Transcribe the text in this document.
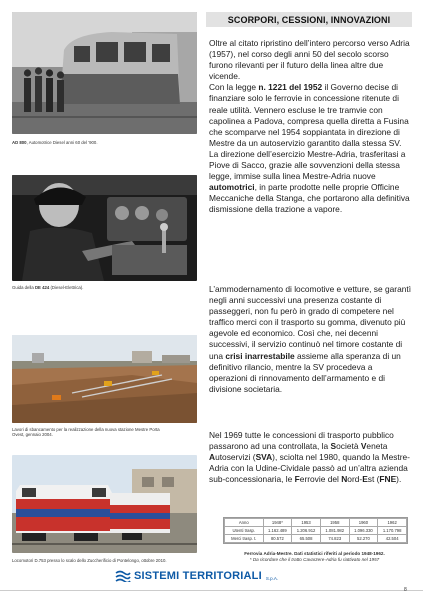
AD 800, Automotrice Diesel anni 60 del ’900.
Guida della DE 424 (Diesel-Elettrica).
Lavori di sbancamento per la realizzazione della nuova stazione Mestre Porta
Ovest, gennaio 2004.
Locomotori D.753 presso lo scalo dello Zuccherificio di Pontelongo, ottobre 2010.
SCORPORI, CESSIONI, INNOVAZIONI

Oltre al citato ripristino dell’intero percorso verso Adria (1957), nel corso degli anni 50 del secolo scorso furono rilevanti per il futuro della linea altre due vicende.

Con la legge n. 1221 del 1952 il Governo decise di finanziare solo le ferrovie in concessione ritenute di reale utilità. Vennero escluse le tre tramvie con capolinea a Padova, compresa quella diretta a Fusina che scomparve nel 1954 soppiantata in direzione di Mestre da un autoservizio garantito dalla stessa SV.

La direzione dell’esercizio Mestre-Adria, trasferitasi a Piove di Sacco, grazie alle sovvenzioni della stessa legge, immise sulla linea Mestre-Adria nuove automotrici, in parte prodotte nelle proprie Officine Meccaniche della Stanga, che portarono alla definitiva dismissione della trazione a vapore.

L’ammodernamento di locomotive e vetture, se garantì negli anni successivi una presenza costante di passeggeri, non fu però in grado di competere nel traffico merci con il trasporto su gomma, divenuto più agevole ed economico. Così che, nei decenni successivi, il servizio continuò nel timore costante di una crisi inarrestabile assieme alla speranza di un definitivo rilancio, mentre la SV procedeva a operazioni di rinnovamento dell’armamento e di divisione societaria.

Nel 1969 tutte le concessioni di trasporto pubblico passarono ad una controllata, la Società Veneta Autoservizi (SVA), sciolta nel 1980, quando la Mestre-Adria con la Udine-Cividale passò ad un’altra azienda sub-concessionaria, le Ferrovie del Nord-Est (FNE).

Anno	1948*	1953	1958	1960	1962
Utenti trasp.	1.162.489	1.206.912	1.081.982	1.096.330	1.170.798
Merci trasp. t.	80.572	65.508	74.823	52.270	42.504
Ferrovia Adria-Mestre. Dati statistici riferiti al periodo 1948-1962.
* Da ricordare che il tratto Cavarzere-Adria fu riattivato nel 1957
SISTEMI TERRITORIALI S.p.A.
8
